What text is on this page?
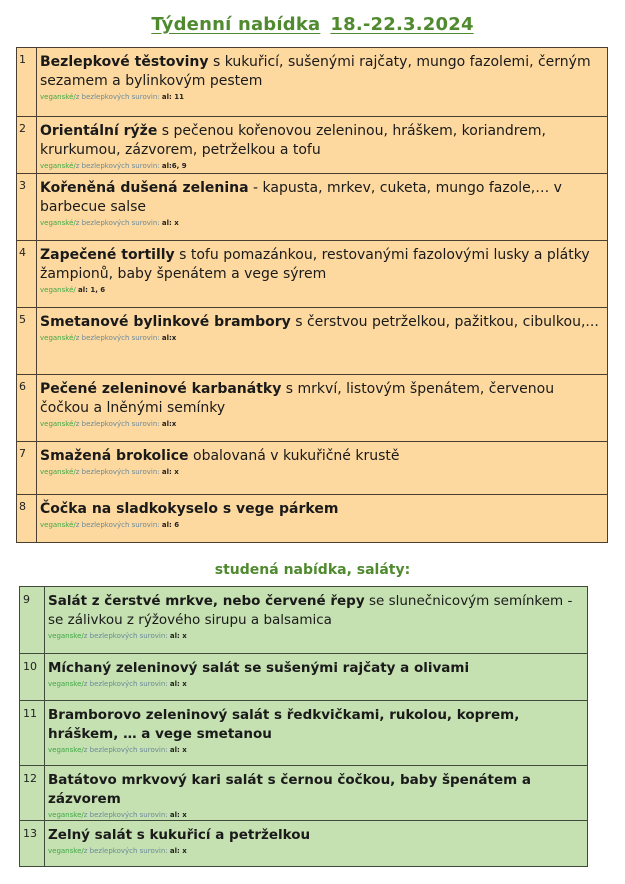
Týdenní nabídka 18.-22.3.2024
1	Bezlepkové těstoviny s kukuřicí, sušenými rajčaty, mungo fazolemi, černým sezamem a bylinkovým pestem
veganské/z bezlepkových surovin: al: 11

2	Orientální rýže s pečenou kořenovou zeleninou, hráškem, koriandrem, krurkumou, zázvorem, petrželkou a tofu
veganské/z bezlepkových surovin: al:6, 9

3	Kořeněná dušená zelenina - kapusta, mrkev, cuketa, mungo fazole,… v barbecue salse
veganské/z bezlepkových surovin: al: x

4	Zapečené tortilly s tofu pomazánkou, restovanými fazolovými lusky a plátky žampionů, baby špenátem a vege sýrem
veganské/ al: 1, 6

5	Smetanové bylinkové brambory s čerstvou petrželkou, pažitkou, cibulkou,...
veganské/z bezlepkových surovin: al:x

6	Pečené zeleninové karbanátky s mrkví, listovým špenátem, červenou čočkou a lněnými semínky
veganské/z bezlepkových surovin: al:x

7	Smažená brokolice obalovaná v kukuřičné krustě
veganské/z bezlepkových surovin: al: x

8	Čočka na sladkokyselo s vege párkem
veganské/z bezlepkových surovin: al: 6
studená nabídka, saláty:
9	Salát z čerstvé mrkve, nebo červené řepy se slunečnicovým semínkem - se zálivkou z rýžového sirupu a balsamica
veganske/z bezlepkových surovin: al: x

10	Míchaný zeleninový salát se sušenými rajčaty a olivami
veganske/z bezlepkových surovin: al: x

11	Bramborovo zeleninový salát s ředkvičkami, rukolou, koprem, hráškem, … a vege smetanou
veganske/z bezlepkových surovin: al: x

12	Batátovo mrkvový kari salát s černou čočkou, baby špenátem a zázvorem
veganske/z bezlepkových surovin: al: x

13	Zelný salát s kukuřicí a petrželkou
veganske/z bezlepkových surovin: al: x
